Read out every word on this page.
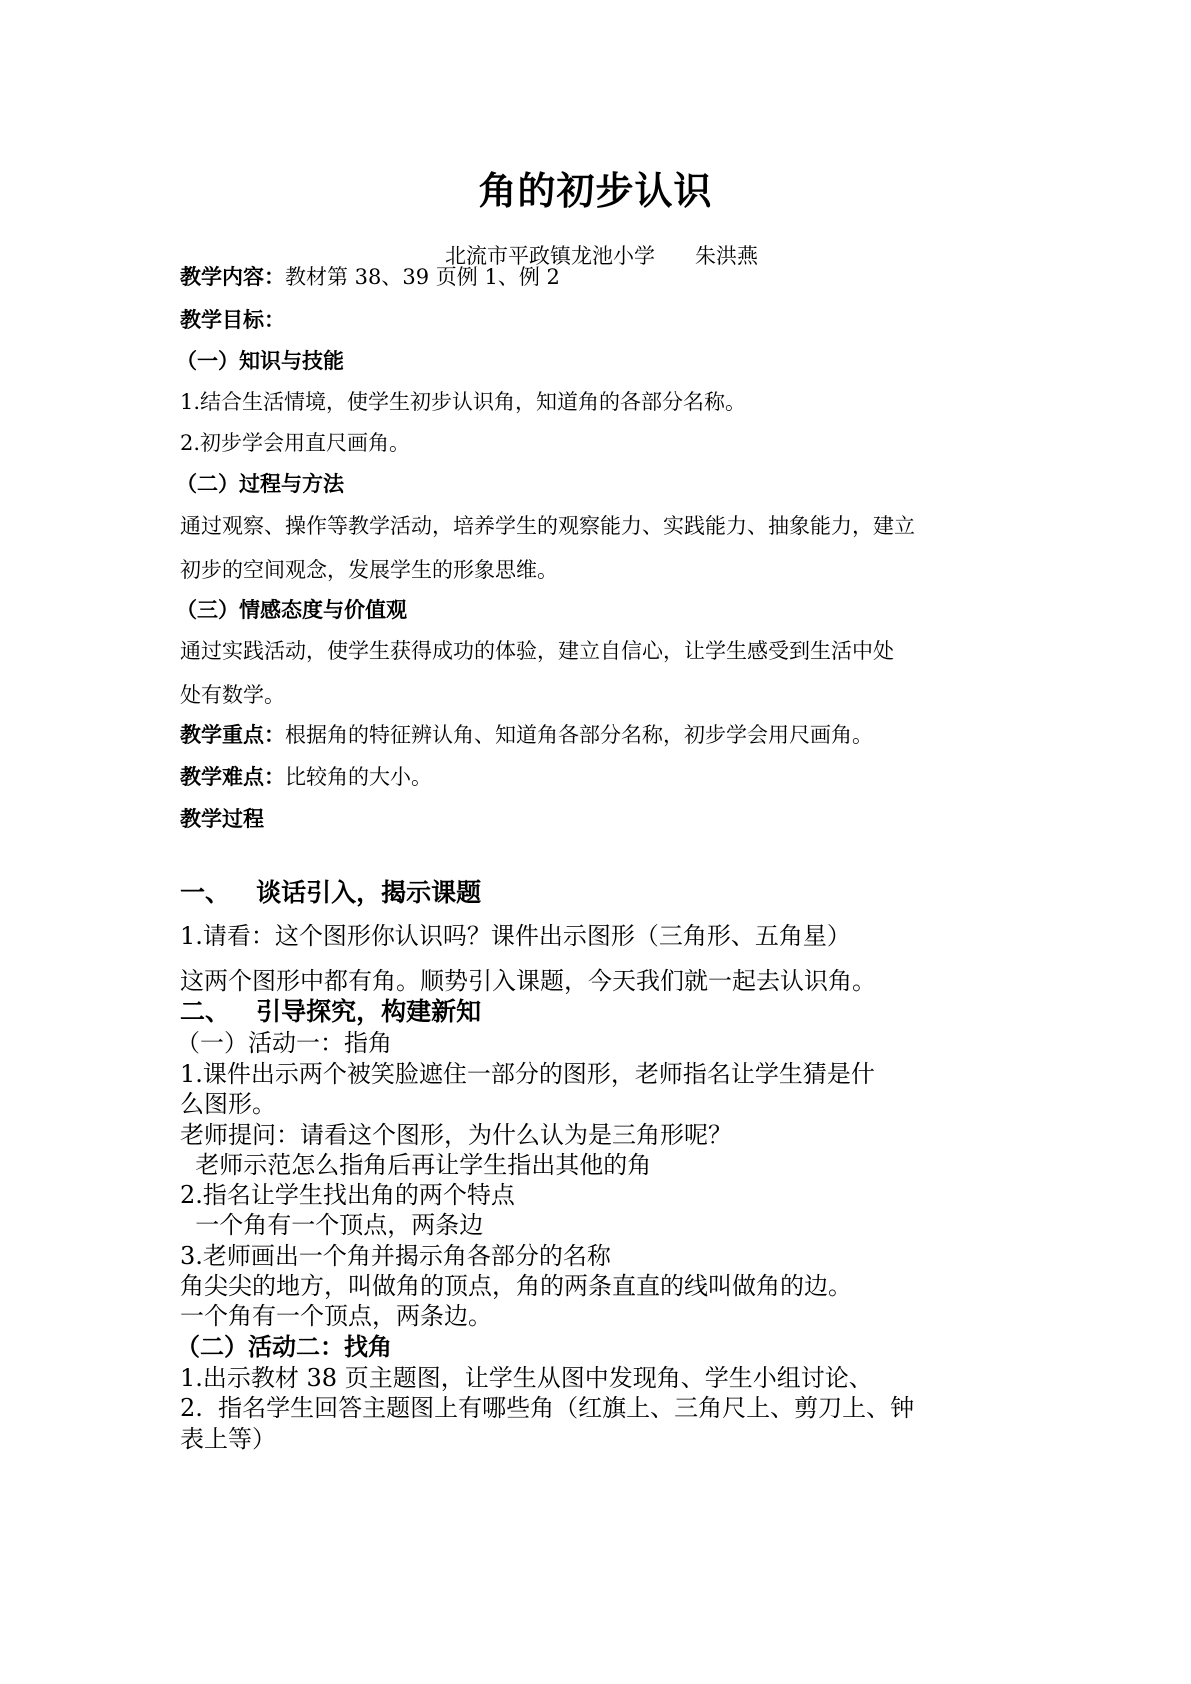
角的初步认识
北流市平政镇龙池小学      朱洪燕
教学内容：教材第 38、39 页例 1、例 2
教学目标：
（一）知识与技能
1.结合生活情境，使学生初步认识角，知道角的各部分名称。
2.初步学会用直尺画角。
（二）过程与方法
通过观察、操作等教学活动，培养学生的观察能力、实践能力、抽象能力，建立
初步的空间观念，发展学生的形象思维。
（三）情感态度与价值观
通过实践活动，使学生获得成功的体验，建立自信心，让学生感受到生活中处
处有数学。
教学重点：根据角的特征辨认角、知道角各部分名称，初步学会用尺画角。
教学难点：比较角的大小。
教学过程
一、   谈话引入，揭示课题
1.请看：这个图形你认识吗？课件出示图形（三角形、五角星）
这两个图形中都有角。顺势引入课题，今天我们就一起去认识角。
二、   引导探究，构建新知
（一）活动一：指角
1.课件出示两个被笑脸遮住一部分的图形，老师指名让学生猜是什
么图形。
老师提问：请看这个图形，为什么认为是三角形呢？
老师示范怎么指角后再让学生指出其他的角
2.指名让学生找出角的两个特点
一个角有一个顶点，两条边
3.老师画出一个角并揭示角各部分的名称
角尖尖的地方，叫做角的顶点，角的两条直直的线叫做角的边。
一个角有一个顶点，两条边。
（二）活动二：找角
1.出示教材 38 页主题图，让学生从图中发现角、学生小组讨论、
2.  指名学生回答主题图上有哪些角（红旗上、三角尺上、剪刀上、钟
表上等）
